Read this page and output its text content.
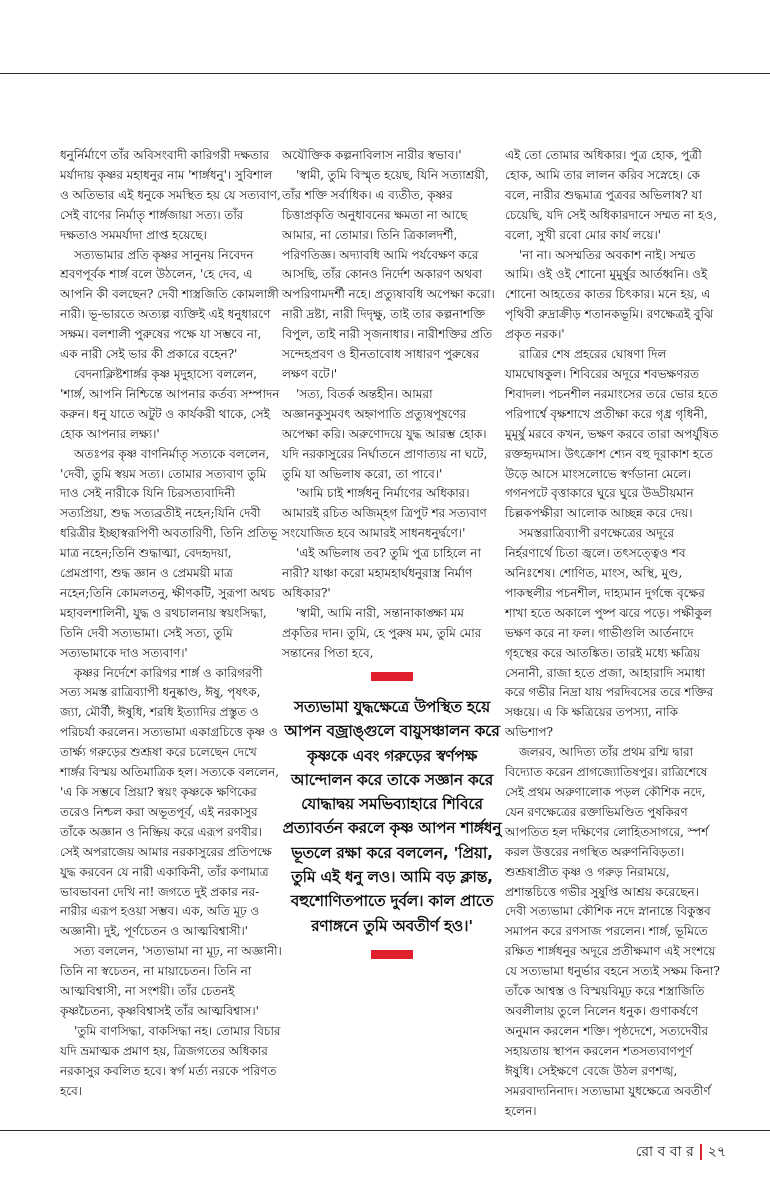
ধনুর্নির্মাণে তাঁর অবিসংবাদী কারিগরী দক্ষতার মর্যাদায় কৃষ্ণর মহাধনুর নাম 'শার্ঙ্গধনু'। সুবিশাল ও অতিভার এই ধনুকে সমস্থিত হয় যে সত্যবাণ, সেই বাণের নির্মাতৃ শার্ঙ্গজায়া সত্য। তাঁর দক্ষতাও সমমর্যাদা প্রাপ্ত হয়েছে।

সত্যভামার প্রতি কৃষ্ণর সানুনয় নিবেদন শ্রবণপূর্বক শার্ঙ্গ বলে উঠলেন, 'হে দেব, এ আপনি কী বলছেন? দেবী শাস্ত্রজিতি কোমলাঙ্গী নারী। ভূ-ভারতে অত্যল্প ব্যক্তিই এই ধনুধারণে সক্ষম। বলশালী পুরুষের পক্ষে যা সম্ভবে না, এক নারী সেই ভার কী প্রকারে বহেন?'

বেদনাক্লিষ্টশার্ঙ্গর কৃষ্ণ মৃদুহাস্যে বললেন, 'শার্ঙ্গ, আপনি নিশ্চিন্তে আপনার কর্তব্য সম্পাদন করুন। ধনু যাতে অটুট ও কার্যকরী থাকে, সেই হোক আপনার লক্ষ্য।'

অতঃপর কৃষ্ণ বাণনির্মাতৃ সত্যকে বললেন, 'দেবী, তুমি স্বয়ম সত্য। তোমার সত্যবাণ তুমি দাও সেই নারীকে যিনি চিরসত্যবাদিনী সত্যপ্রিয়া, শুদ্ধ সত্যব্রতীই নহেন;যিনি দেবী ধরিত্রীর ইচ্ছাস্বরূপিণী অবতারিণী, তিনি প্রতিভূ মাত্র নহেন;তিনি শুদ্ধাত্মা, বেদহৃদয়া, প্রেমপ্রাণা, শুদ্ধ জ্ঞান ও প্রেমময়ী মাত্র নহেন;তিনি কোমলতনু, ক্ষীণকটি, সুরূপা অথচ মহাবলশালিনী, যুদ্ধ ও রথচালনায় স্বয়ংসিদ্ধা, তিনি দেবী সত্যভামা। সেই সত্য, তুমি সত্যভামাকে দাও সত্যবাণ।'

কৃষ্ণর নির্দেশে কারিগর শার্ঙ্গ ও কারিগরণী সত্য সমস্ত রাত্রিব্যাপী ধনুষ্কাণ্ড, ঈষু, পৃষৎক, জ্যা, মৌর্বী, ঈষুধি, শরধি ইত্যাদির প্রস্তুত ও পরিচর্যা করলেন। সত্যভামা একাগ্রচিত্তে কৃষ্ণ ও তার্ক্ষ্য গরুড়ের শুশ্রূষা করে চলেছেন দেখে শার্ঙ্গর বিস্ময় অতিমাত্রিক হল। সত্যকে বললেন, 'এ কি সম্ভবে প্রিয়া? স্বয়ং কৃষ্ণকে ক্ষণিকের তরেও নিশ্চল করা অভূতপূর্ব, এই নরকাসুর তাঁকে অজ্ঞান ও নিষ্ক্রিয় করে এরূপ রণবীর। সেই অপরাজেয় আমার নরকাসুরের প্রতিপক্ষে যুদ্ধ করবেন যে নারী একাকিনী, তাঁর কণামাত্র ভাবভাবনা দেখি না! জগতে দুই প্রকার নর-নারীর এরূপ হওয়া সম্ভব। এক, অতি মূঢ় ও অজ্ঞানী। দুই, পূর্ণচেতন ও আত্মবিশ্বাসী।'

সত্য বললেন, 'সত্যভামা না মূঢ়, না অজ্ঞানী। তিনি না স্বচেতন, না মায়াচেতন। তিনি না আত্মবিশ্বাসী, না সংশয়ী। তাঁর চেতনই কৃষ্ণচৈতন্য, কৃষ্ণবিশ্বাসই তাঁর আত্মবিশ্বাস।'

'তুমি বাণসিদ্ধা, বাকসিদ্ধা নহ। তোমার বিচার যদি ভ্রমাত্মক প্রমাণ হয়, ত্রিজগতের অধিকার নরকাসুর কবলিত হবে। স্বর্গ মর্ত্য নরকে পরিণত হবে।

অযৌক্তিক কল্পনাবিলাস নারীর স্বভাব।'

'স্বামী, তুমি বিস্মৃত হয়েছ, যিনি সত্যাশ্রয়ী, তাঁর শক্তি সর্বাধিক। এ ব্যতীত, কৃষ্ণর চিত্তাপ্রকৃতি অনুধাবনের ক্ষমতা না আছে আমার, না তোমার। তিনি ত্রিকালদর্শী, পরিণতিজ্ঞ। অদ্যাবধি আমি পর্যবেক্ষণ করে আসছি, তাঁর কোনও নির্দেশ অকারণ অথবা অপরিণামদর্শী নহে। প্রত্যুষাবধি অপেক্ষা করো। নারী দ্রষ্টা, নারী দিদৃক্ষু, তাই তার কল্পনাশক্তি বিপুল, তাই নারী সৃজনাধার। নারীশক্তির প্রতি সন্দেহপ্রবণ ও হীনতাবোধ সাধারণ পুরুষের লক্ষণ বটে।'

'সত্য, বিতর্ক অন্তহীন। আমরা অজ্ঞানকুসুমবৎ অহ্নাপাতি প্রত্যুষপূষণের অপেক্ষা করি। অরুণোদয়ে যুদ্ধ আরম্ভ হোক। যদি নরকাসুরের নির্ঘাতনে প্রাণাত্যয় না ঘটে, তুমি যা অভিলাষ করো, তা পাবে।'

'আমি চাই শার্ঙ্গধনু নির্মাণের অধিকার। আমারই রচিত অজিম্হগ ত্রিপুট শর সত্যবাণ সংযোজিত হবে আমারই সাধনধনুর্দ্বণে।'

'এই অভিলাষ তব? তুমি পুত্র চাহিলে না নারী? যাঞ্চা করো মহামহার্ঘধনুরাস্ত্র নির্মাণ অধিকার?'

'স্বামী, আমি নারী, সন্তানাকাঙ্ক্ষা মম প্রকৃতির দান। তুমি, হে পুরুষ মম, তুমি মোর সন্তানের পিতা হবে,

সত্যভামা যুদ্ধক্ষেত্রে উপস্থিত হয়ে আপন বজ্রাঙ্গুলে বায়ুসঞ্চালন করে কৃষ্ণকে এবং গরুড়ের স্বর্ণপক্ষ আন্দোলন করে তাকে সজ্ঞান করে যোদ্ধাদ্বয় সমভিব্যাহারে শিবিরে প্রত্যাবর্তন করলে কৃষ্ণ আপন শার্ঙ্গধনু ভূতলে রক্ষা করে বললেন, 'প্রিয়া, তুমি এই ধনু লও। আমি বড় ক্লান্ত, বহুশোণিতপাতে দুর্বল। কাল প্রাতে রণাঙ্গনে তুমি অবতীর্ণ হও।'

এই তো তোমার অধিকার। পুত্র হোক, পুত্রী হোক, আমি তার লালন করিব সস্নেহে। কে বলে, নারীর শুদ্ধমাত্র পুত্রবর অভিলাষ? যা চেয়েছি, যদি সেই অধিকারদানে সম্মত না হও, বলো, সুখী রবো মোর কার্য লয়ে।'

'না না। অসম্মতির অবকাশ নাই। সম্মত আমি। ওই ওই শোনো মুমুর্ষুর আর্তধ্বনি। ওই শোনো আহতের কাতর চিৎকার। মনে হয়, এ পৃথিবী রুদ্রাক্রীড় শতানকভূমি। রণক্ষেত্রই বুঝি প্রকৃত নরক।'

রাত্রির শেষ প্রহরের ঘোষণা দিল যামঘোষকুল। শিবিরের অদূরে শবভক্ষণরত শিবাদল। পচনশীল নরমাংসের তরে ভোর হতে পরিপার্শ্বে বৃক্ষশাখে প্রতীক্ষা করে গৃধ্র গৃধিনী, মুমূর্ষু মরবে কখন, ভক্ষণ করবে তারা অপর্যুষিত রক্তহৃদমাস। উৎক্রোশ শ্যেন বহু দূরাকাশ হতে উড়ে আসে মাংসলোভে স্বর্ণডানা মেলে। গগনপটে বৃত্তাকারে ঘুরে ঘুরে উড্ডীয়মান চিল্লকপক্ষীরা আলোক আচ্ছন্ন করে দেয়।

সমস্তরাত্রিব্যাপী রণক্ষেত্রের অদূরে নির্হরণার্থে চিতা জ্বলে। তৎসত্ত্বেও শব অনিঃশেষ। শোণিত, মাংস, অস্থি, মুণ্ড, পাকস্থলীর পচনশীল, দাহ্যমান দুর্গন্ধে বৃক্ষের শাখা হতে অকালে পুষ্প ঝরে পড়ে। পক্ষীকুল ভক্ষণ করে না ফল। গাভীগুলি আর্তনাদে গৃহস্থের করে আতঙ্কিত। তারই মধ্যে ক্ষত্রিয় সেনানী, রাজা হতে প্রজা, আহারাদি সমাধা করে গভীর নিদ্রা যায় পরদিবসের তরে শক্তির সঞ্চয়ে। এ কি ক্ষত্রিয়ের তপস্যা, নাকি অভিশাপ?

জলরব, আদিত্য তাঁর প্রথম রশ্মি দ্বারা বিদ্যোত করেন প্রাগজ্যোতিষপুর। রাত্রিশেষে সেই প্রথম অরুণালোক পড়ল কৌশিক নদে, যেন রণক্ষেত্রের রক্তাভিমণ্ডিত পুষকিরণ আপতিত হল দক্ষিণের লোহিতসাগরে, স্পর্শ করল উত্তরের নগস্থিত অরুণনিবিড়তা। শুশ্রূষাপ্রীত কৃষ্ণ ও গরুড় নিরাময়ে, প্রশান্তচিত্তে গভীর সুষুপ্তি আশ্রয় করেছেন। দেবী সত্যভামা কৌশিক নদে স্নানান্তে বিকুস্তব সমাপন করে রণসাজ পরলেন। শার্ঙ্গ, ভূমিতে রক্ষিত শার্ঙ্গধনুর অদূরে প্রতীক্ষমাণ এই সংশয়ে যে সত্যভামা ধনুর্ভার বহনে সত্যই সক্ষম কিনা? তাঁকে আশ্বস্ত ও বিস্ময়বিমূঢ় করে শস্ত্রাজিতি অবলীলায় তুলে নিলেন ধনুক। গুণাকর্ষণে অনুমান করলেন শক্তি। পৃষ্ঠদেশে, সত্যদেবীর সহায়তায় স্থাপন করলেন শতসত্যবাণপূর্ণ ঈষুধি। সেইক্ষণে বেজে উঠল রণশঙ্খ, সমরবাদ্যনিনাদ। সত্যভামা যুধক্ষেত্রে অবতীর্ণ হলেন।

রো ব বা র ২৭
